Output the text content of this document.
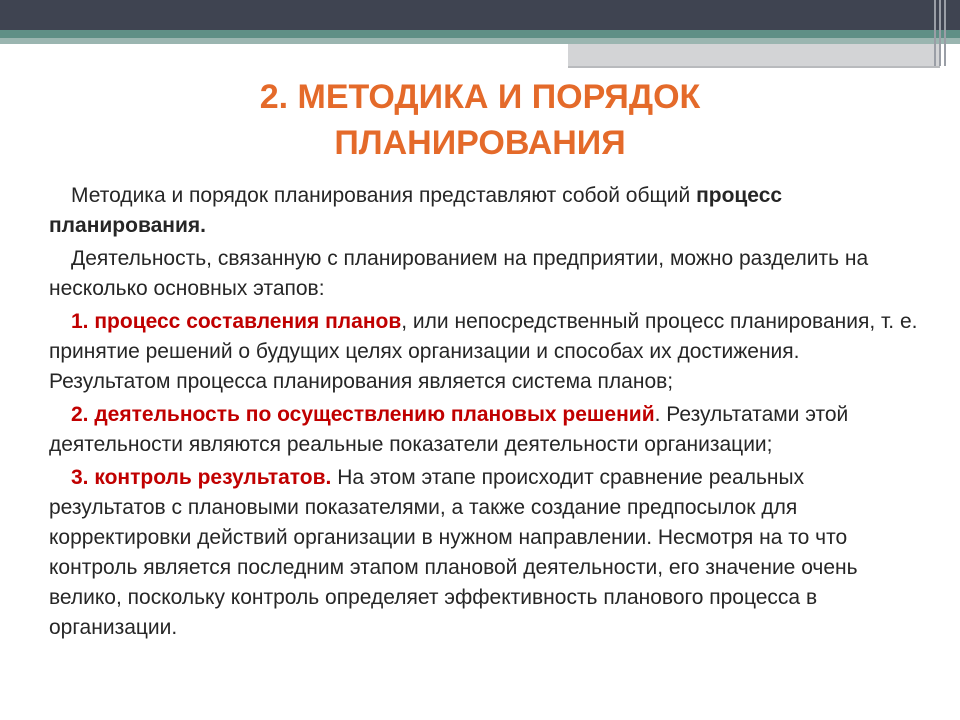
2. МЕТОДИКА И ПОРЯДОК
ПЛАНИРОВАНИЯ

Методика и порядок планирования представляют собой общий процесс планирования.

Деятельность, связанную с планированием на предприятии, можно разделить на несколько основных этапов:

1. процесс составления планов, или непосредственный процесс планирования, т. е. принятие решений о будущих целях организации и способах их достижения. Результатом процесса планирования является система планов;

2. деятельность по осуществлению плановых решений. Результатами этой деятельности являются реальные показатели деятельности организации;

3. контроль результатов. На этом этапе происходит сравнение реальных результатов с плановыми показателями, а также создание предпосылок для корректировки действий организации в нужном направлении. Несмотря на то что контроль является последним этапом плановой деятельности, его значение очень велико, поскольку контроль определяет эффективность планового процесса в организации.
